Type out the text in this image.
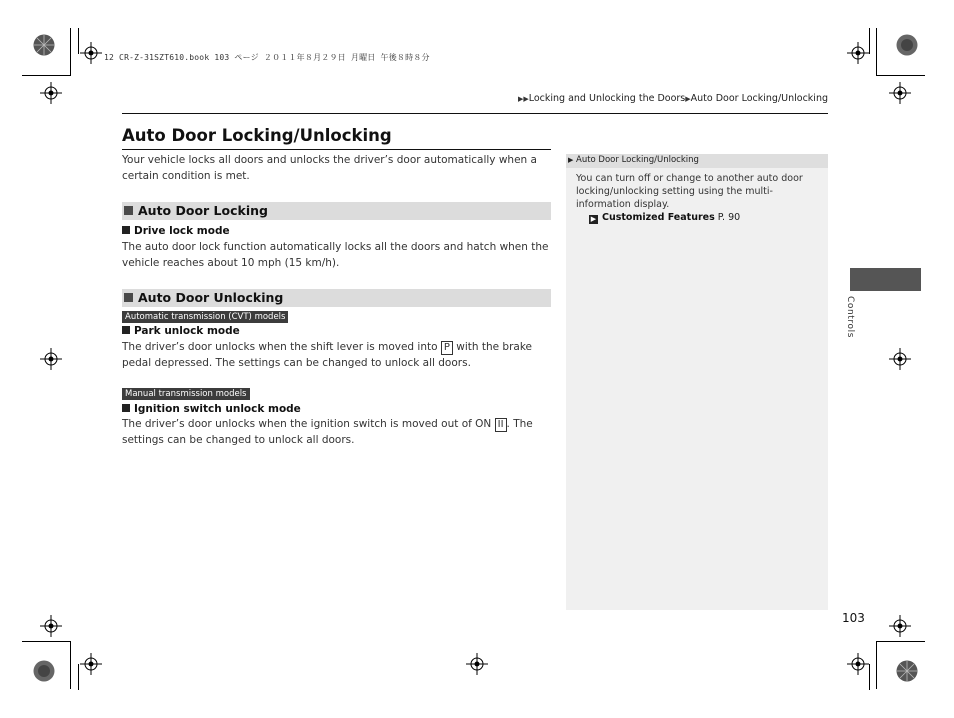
12 CR-Z-31SZT610.book 103 ページ ２０１１年８月２９日 月曜日 午後８時８分
▶▶Locking and Unlocking the Doors▶Auto Door Locking/Unlocking
Auto Door Locking/Unlocking
Your vehicle locks all doors and unlocks the driver’s door automatically when a certain condition is met.
Auto Door Locking
Drive lock mode
The auto door lock function automatically locks all the doors and hatch when the vehicle reaches about 10 mph (15 km/h).
Auto Door Unlocking
Automatic transmission (CVT) models
Park unlock mode
The driver’s door unlocks when the shift lever is moved into P with the brake pedal depressed. The settings can be changed to unlock all doors.
Manual transmission models
Ignition switch unlock mode
The driver’s door unlocks when the ignition switch is moved out of ON II . The settings can be changed to unlock all doors.
▶ Auto Door Locking/Unlocking
You can turn off or change to another auto door locking/unlocking setting using the multi-information display.
▶ Customized Features P. 90
Controls
103
